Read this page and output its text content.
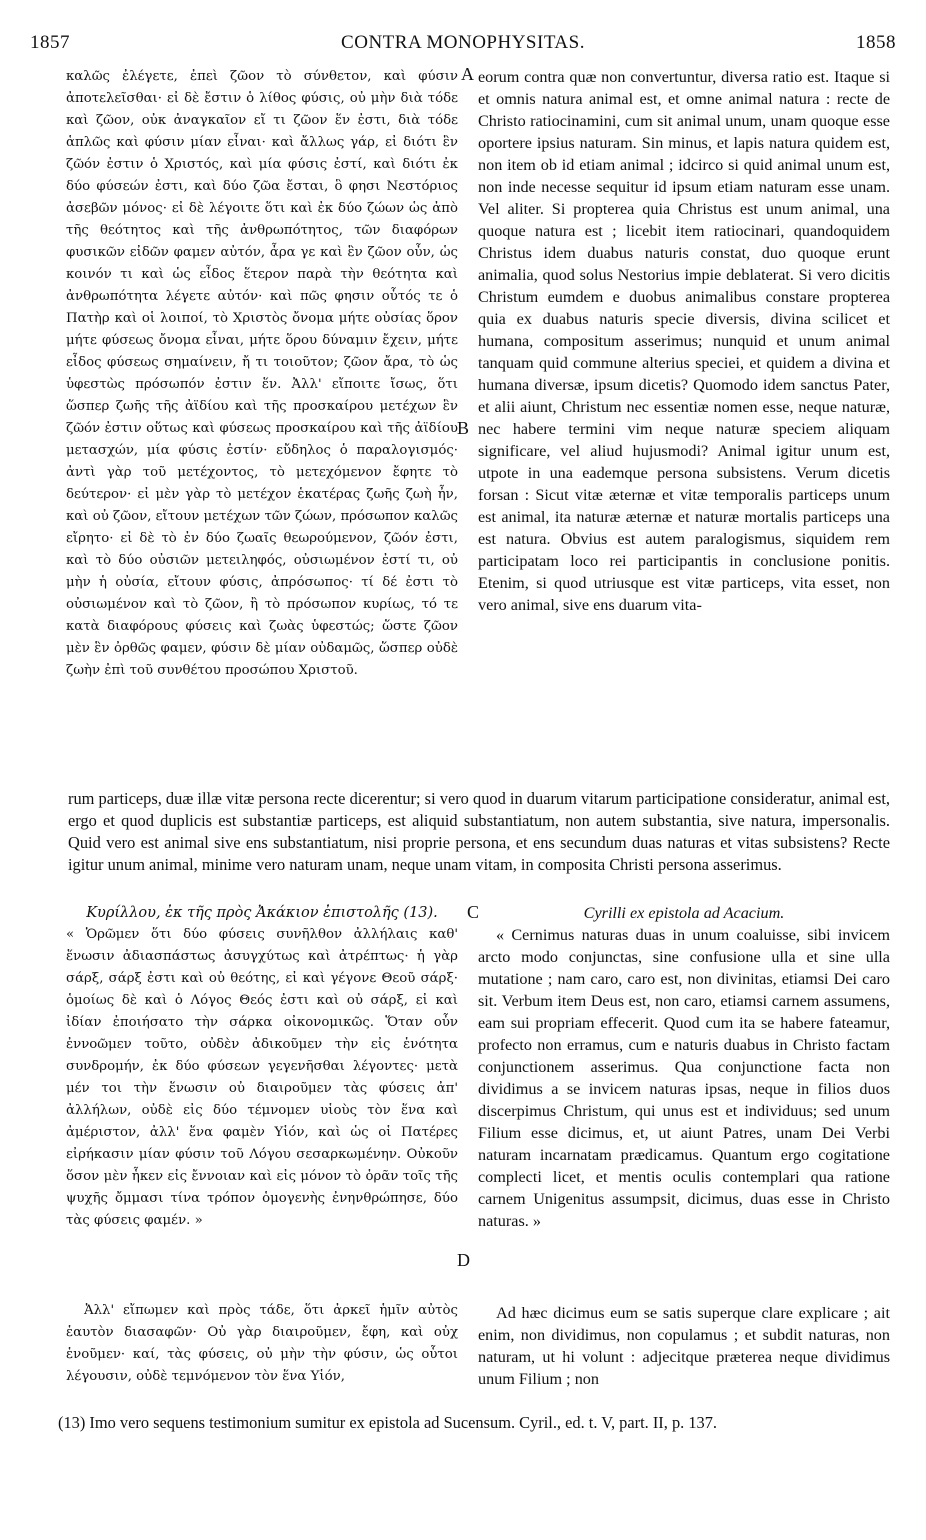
1857	CONTRA MONOPHYSITAS.	1858

καλῶς ἐλέγετε, ἐπεὶ ζῶον τὸ σύνθετον, καὶ φύσιν ἀποτελεῖσθαι· εἰ δὲ ἔστιν ὁ λίθος φύσις, οὐ μὴν διὰ τόδε καὶ ζῶον, οὐκ ἀναγκαῖον εἴ τι ζῶον ἕν ἐστι, διὰ τόδε ἁπλῶς καὶ φύσιν μίαν εἶναι· καὶ ἄλλως γάρ, εἰ διότι ἓν ζῶόν ἐστιν ὁ Χριστός, καὶ μία φύσις ἐστί, καὶ διότι ἐκ δύο φύσεών ἐστι, καὶ δύο ζῶα ἔσται, ὃ φησι Νεστόριος ἀσεβῶν μόνος· εἰ δὲ λέγοιτε ὅτι καὶ ἐκ δύο ζώων ὡς ἀπὸ τῆς θεότητος καὶ τῆς ἀνθρωπότητος, τῶν διαφόρων φυσικῶν εἰδῶν φαμεν αὐτόν, ἆρα γε καὶ ἓν ζῶον οὖν, ὡς κοινόν τι καὶ ὡς εἶδος ἕτερον παρὰ τὴν θεότητα καὶ ἀνθρωπότητα λέγετε αὐτόν· καὶ πῶς φησιν οὗτός τε ὁ Πατὴρ καὶ οἱ λοιποί, τὸ Χριστὸς ὄνομα μήτε οὐσίας ὅρον μήτε φύσεως ὄνομα εἶναι, μήτε ὅρου δύναμιν ἔχειν, μήτε εἶδος φύσεως σημαίνειν, ἤ τι τοιοῦτον; ζῶον ἄρα, τὸ ὡς ὑφεστὼς πρόσωπόν ἐστιν ἕν. Ἀλλ' εἴποιτε ἴσως, ὅτι ὥσπερ ζωῆς τῆς ἀϊδίου καὶ τῆς προσκαίρου μετέχων ἓν ζῶόν ἐστιν οὕτως καὶ φύσεως προσκαίρου καὶ τῆς ἀϊδίου μετασχών, μία φύσις ἐστίν· εὔδηλος ὁ παραλογισμός· ἀντὶ γὰρ τοῦ μετέχοντος, τὸ μετεχόμενον ἔφητε τὸ δεύτερον· εἰ μὲν γὰρ τὸ μετέχον ἑκατέρας ζωῆς ζωὴ ἦν, καὶ οὐ ζῶον, εἴτουν μετέχων τῶν ζώων, πρόσωπον καλῶς εἴρητο· εἰ δὲ τὸ ἐν δύο ζωαῖς θεωρούμενον, ζῶόν ἐστι, καὶ τὸ δύο οὐσιῶν μετειληφός, οὐσιωμένον ἐστί τι, οὐ μὴν ἡ οὐσία, εἴτουν φύσις, ἀπρόσωπος· τί δέ ἐστι τὸ οὐσιωμένον καὶ τὸ ζῶον, ἢ τὸ πρόσωπον κυρίως, τό τε κατὰ διαφόρους φύσεις καὶ ζωὰς ὑφεστώς; ὥστε ζῶον μὲν ἓν ὀρθῶς φαμεν, φύσιν δὲ μίαν οὐδαμῶς, ὥσπερ οὐδὲ ζωὴν ἐπὶ τοῦ συνθέτου προσώπου Χριστοῦ.

A eorum contra quæ non convertuntur, diversa ratio est. Itaque si et omnis natura animal est, et omne animal natura : recte de Christo ratiocinamini, cum sit animal unum, unam quoque esse oportere ipsius naturam. Sin minus, et lapis natura quidem est, non item ob id etiam animal ; idcirco si quid animal unum est, non inde necesse sequitur id ipsum etiam naturam esse unam. Vel aliter. Si propterea quia Christus est unum animal, una quoque natura est ; licebit item ratiocinari, quandoquidem Christus idem duabus naturis constat, duo quoque erunt animalia, quod solus Nestorius impie deblaterat. Si vero dicitis Christum eumdem e duobus animalibus constare propterea quia ex duabus naturis specie diversis, divina scilicet et humana, compositum asserimus; nunquid et unum animal tanquam quid commune alterius speciei, et quidem a divina et humana diversæ, ipsum dicetis? Quomodo idem sanctus Pater, et alii aiunt, Christum nec essentiæ nomen esse, neque naturæ, nec habere termini vim neque naturæ speciem aliquam significare, vel aliud hujusmodi? Animal igitur unum est, utpote in una eademque persona subsistens. Verum dicetis forsan : Sicut vitæ æternæ et vitæ temporalis particeps unum est animal, ita naturæ æternæ et naturæ mortalis particeps una est natura. Obvius est autem paralogismus, siquidem rem participatam loco rei participantis in conclusione ponitis. Etenim, si quod utriusque est vitæ particeps, vita esset, non vero animal, sive ens duarum vita-

B

rum particeps, duæ illæ vitæ persona recte dicerentur; si vero quod in duarum vitarum participatione consideratur, animal est, ergo et quod duplicis est substantiæ particeps, est aliquid substantiatum, non autem substantia, sive natura, impersonalis. Quid vero est animal sive ens substantiatum, nisi proprie persona, et ens secundum duas naturas et vitas subsistens? Recte igitur unum animal, minime vero naturam unam, neque unam vitam, in composita Christi persona asserimus.

Κυρίλλου, ἐκ τῆς πρὸς Ἀκάκιον ἐπιστολῆς (13).

« Ὁρῶμεν ὅτι δύο φύσεις συνῆλθον ἀλλήλαις καθ' ἕνωσιν ἀδιασπάστως ἀσυγχύτως καὶ ἀτρέπτως· ἡ γὰρ σάρξ, σάρξ ἐστι καὶ οὐ θεότης, εἰ καὶ γέγονε Θεοῦ σάρξ· ὁμοίως δὲ καὶ ὁ Λόγος Θεός ἐστι καὶ οὐ σάρξ, εἰ καὶ ἰδίαν ἐποιήσατο τὴν σάρκα οἰκονομικῶς. Ὅταν οὖν ἐννοῶμεν τοῦτο, οὐδὲν ἀδικοῦμεν τὴν εἰς ἑνότητα συνδρομήν, ἐκ δύο φύσεων γεγενῆσθαι λέγοντες· μετὰ μέν τοι τὴν ἕνωσιν οὐ διαιροῦμεν τὰς φύσεις ἀπ' ἀλλήλων, οὐδὲ εἰς δύο τέμνομεν υἱοὺς τὸν ἕνα καὶ ἀμέριστον, ἀλλ' ἕνα φαμὲν Υἱόν, καὶ ὡς οἱ Πατέρες εἰρήκασιν μίαν φύσιν τοῦ Λόγου σεσαρκωμένην. Οὐκοῦν ὅσον μὲν ἧκεν εἰς ἔννοιαν καὶ εἰς μόνον τὸ ὁρᾶν τοῖς τῆς ψυχῆς ὄμμασι τίνα τρόπον ὁμογενὴς ἐνηνθρώπησε, δύο τὰς φύσεις φαμέν. »

C	Cyrilli ex epistola ad Acacium.

« Cernimus naturas duas in unum coaluisse, sibi invicem arcto modo conjunctas, sine confusione ulla et sine ulla mutatione ; nam caro, caro est, non divinitas, etiamsi Dei caro sit. Verbum item Deus est, non caro, etiamsi carnem assumens, eam sui propriam effecerit. Quod cum ita se habere fateamur, profecto non erramus, cum e naturis duabus in Christo factam conjunctionem asserimus. Qua conjunctione facta non dividimus a se invicem naturas ipsas, neque in filios duos discerpimus Christum, qui unus est et individuus; sed unum Filium esse dicimus, et, ut aiunt Patres, unam Dei Verbi naturam incarnatam prædicamus. Quantum ergo cogitatione complecti licet, et mentis oculis contemplari qua ratione carnem Unigenitus assumpsit, dicimus, duas esse in Christo naturas. »

D

Ἀλλ' εἴπωμεν καὶ πρὸς τάδε, ὅτι ἀρκεῖ ἡμῖν αὐτὸς ἑαυτὸν διασαφῶν· Οὐ γὰρ διαιροῦμεν, ἔφη, καὶ οὐχ ἑνοῦμεν· καί, τὰς φύσεις, οὐ μὴν τὴν φύσιν, ὡς οὗτοι λέγουσιν, οὐδὲ τεμνόμενον τὸν ἕνα Υἱόν,

Ad hæc dicimus eum se satis superque clare explicare ; ait enim, non dividimus, non copulamus ; et subdit naturas, non naturam, ut hi volunt : adjecitque præterea neque dividimus unum Filium ; non

(13) Imo vero sequens testimonium sumitur ex epistola ad Sucensum. Cyril., ed. t. V, part. II, p. 137.
